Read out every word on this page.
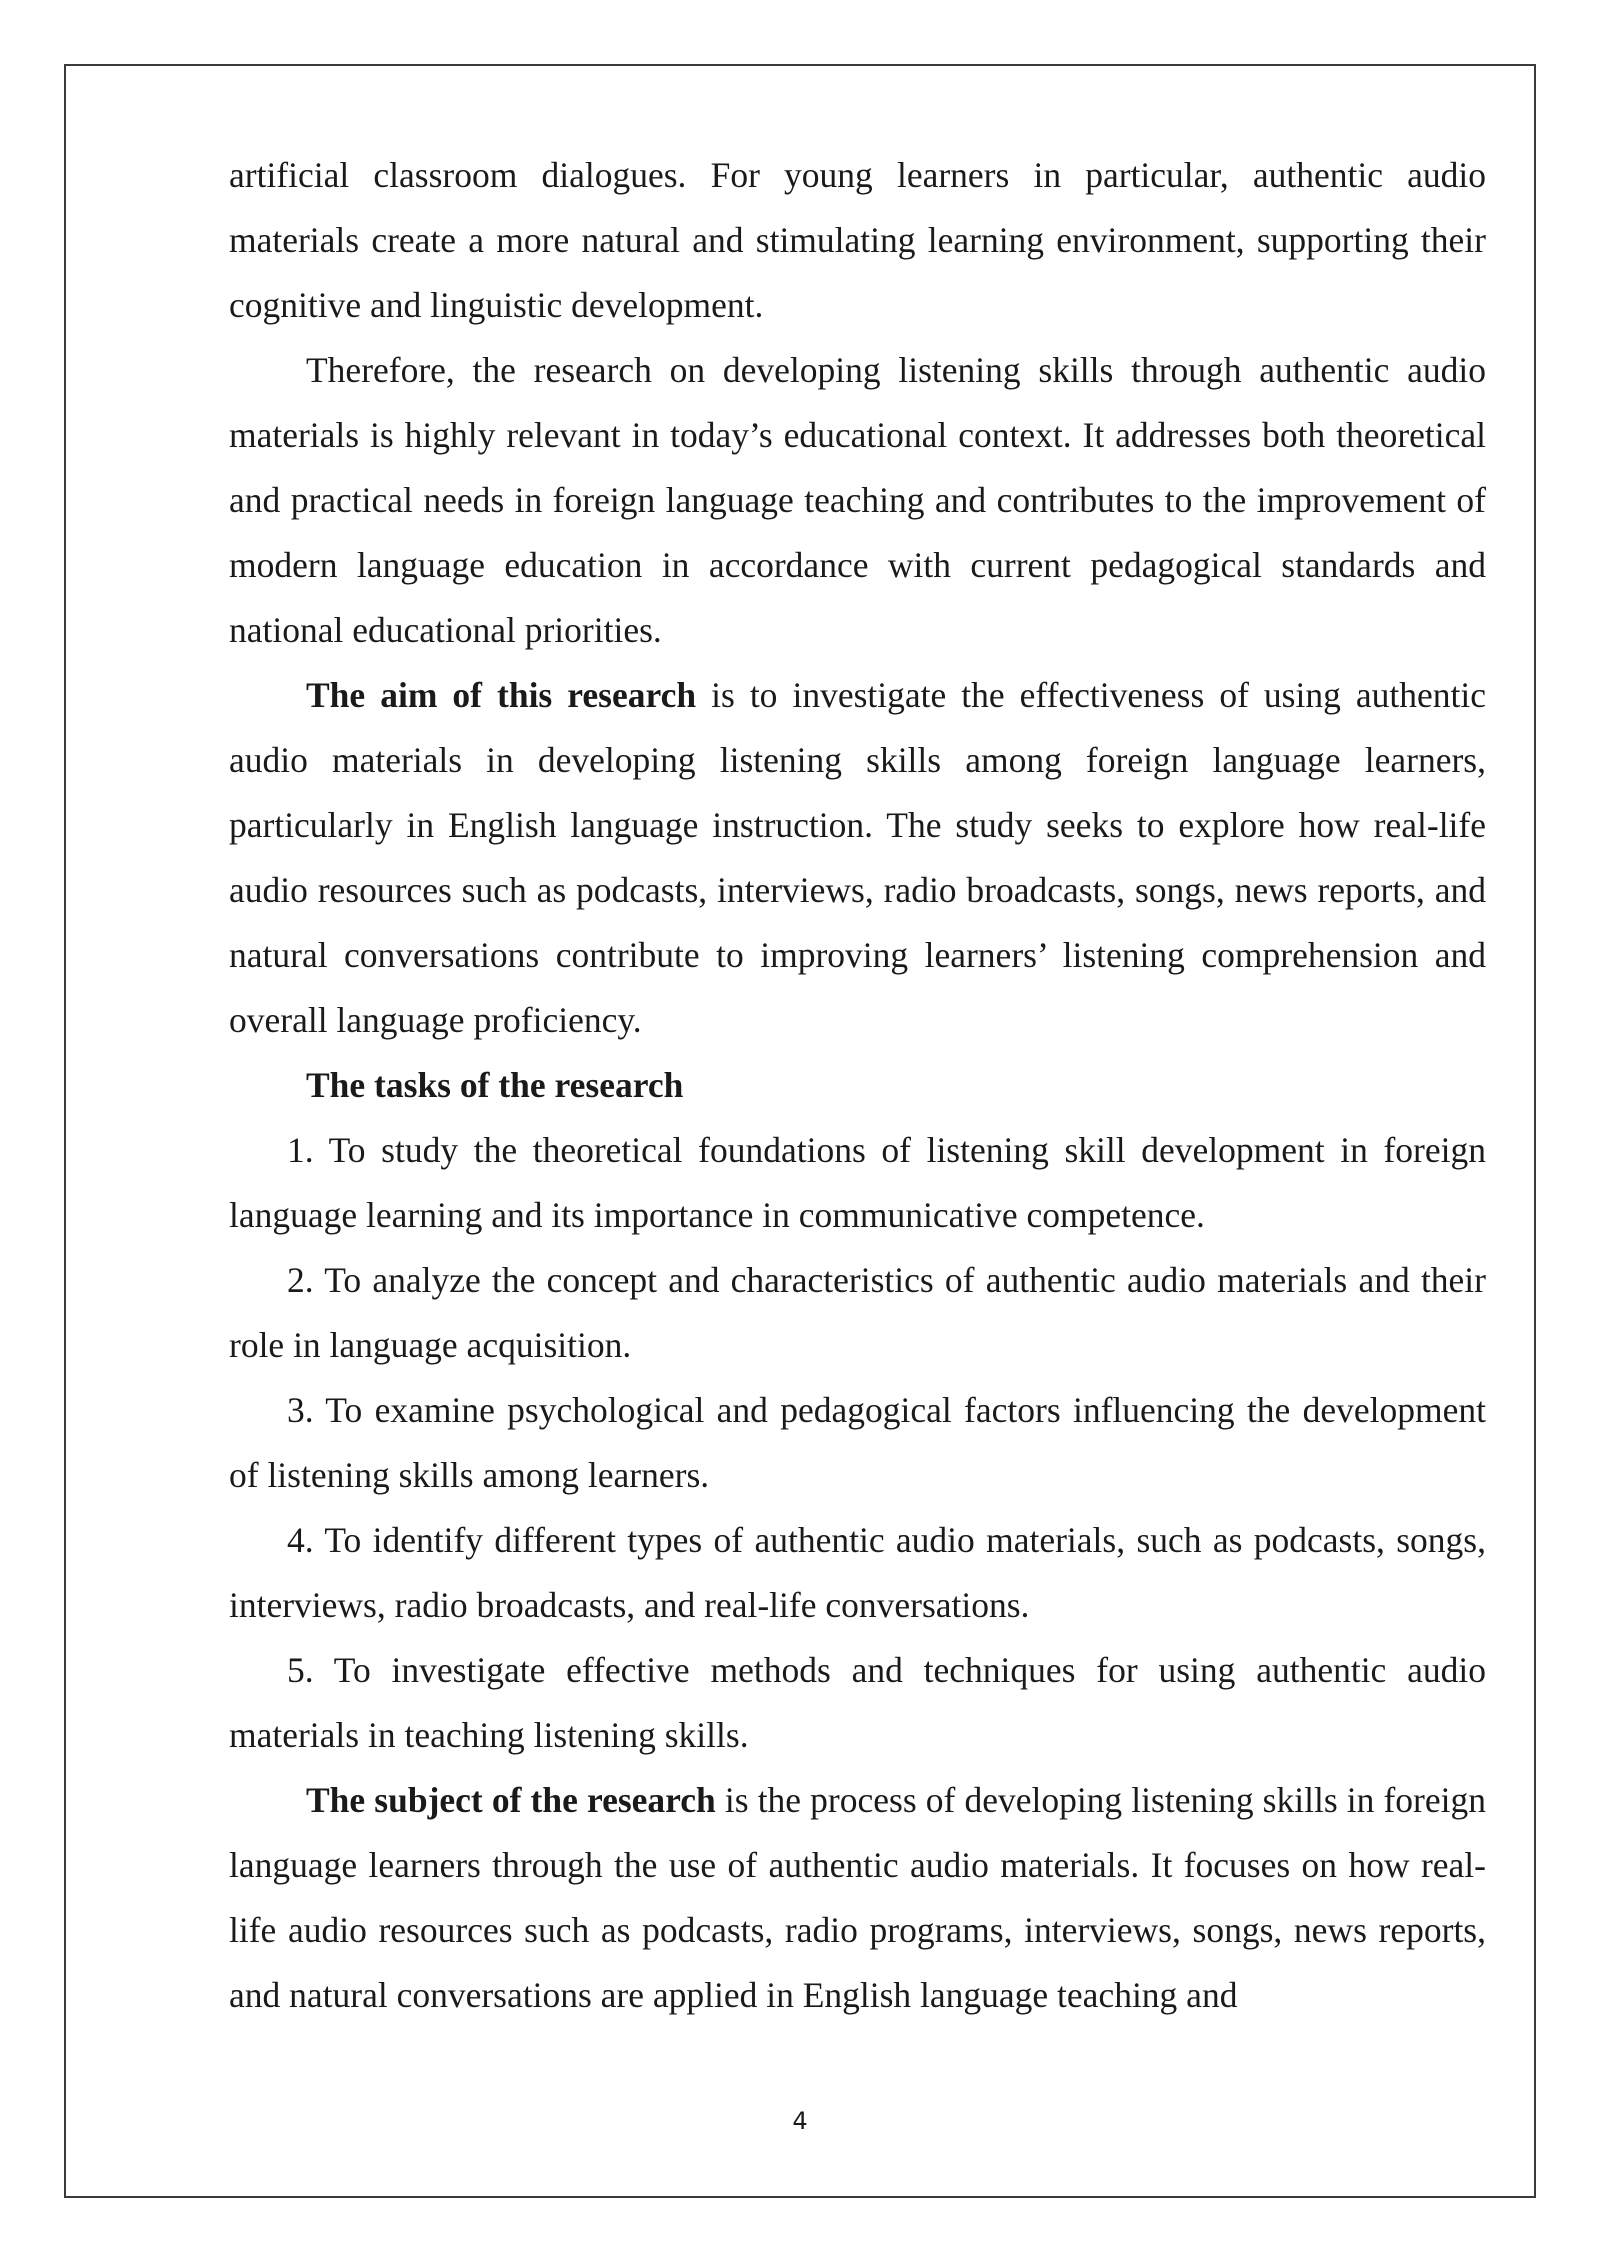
artificial classroom dialogues. For young learners in particular, authentic audio materials create a more natural and stimulating learning environment, supporting their cognitive and linguistic development.

Therefore, the research on developing listening skills through authentic audio materials is highly relevant in today’s educational context. It addresses both theoretical and practical needs in foreign language teaching and contributes to the improvement of modern language education in accordance with current pedagogical standards and national educational priorities.

The aim of this research is to investigate the effectiveness of using authentic audio materials in developing listening skills among foreign language learners, particularly in English language instruction. The study seeks to explore how real-life audio resources such as podcasts, interviews, radio broadcasts, songs, news reports, and natural conversations contribute to improving learners’ listening comprehension and overall language proficiency.

The tasks of the research

1. To study the theoretical foundations of listening skill development in foreign language learning and its importance in communicative competence.

2. To analyze the concept and characteristics of authentic audio materials and their role in language acquisition.

3. To examine psychological and pedagogical factors influencing the development of listening skills among learners.

4. To identify different types of authentic audio materials, such as podcasts, songs, interviews, radio broadcasts, and real-life conversations.

5. To investigate effective methods and techniques for using authentic audio materials in teaching listening skills.

The subject of the research is the process of developing listening skills in foreign language learners through the use of authentic audio materials. It focuses on how real-life audio resources such as podcasts, radio programs, interviews, songs, news reports, and natural conversations are applied in English language teaching and

4
